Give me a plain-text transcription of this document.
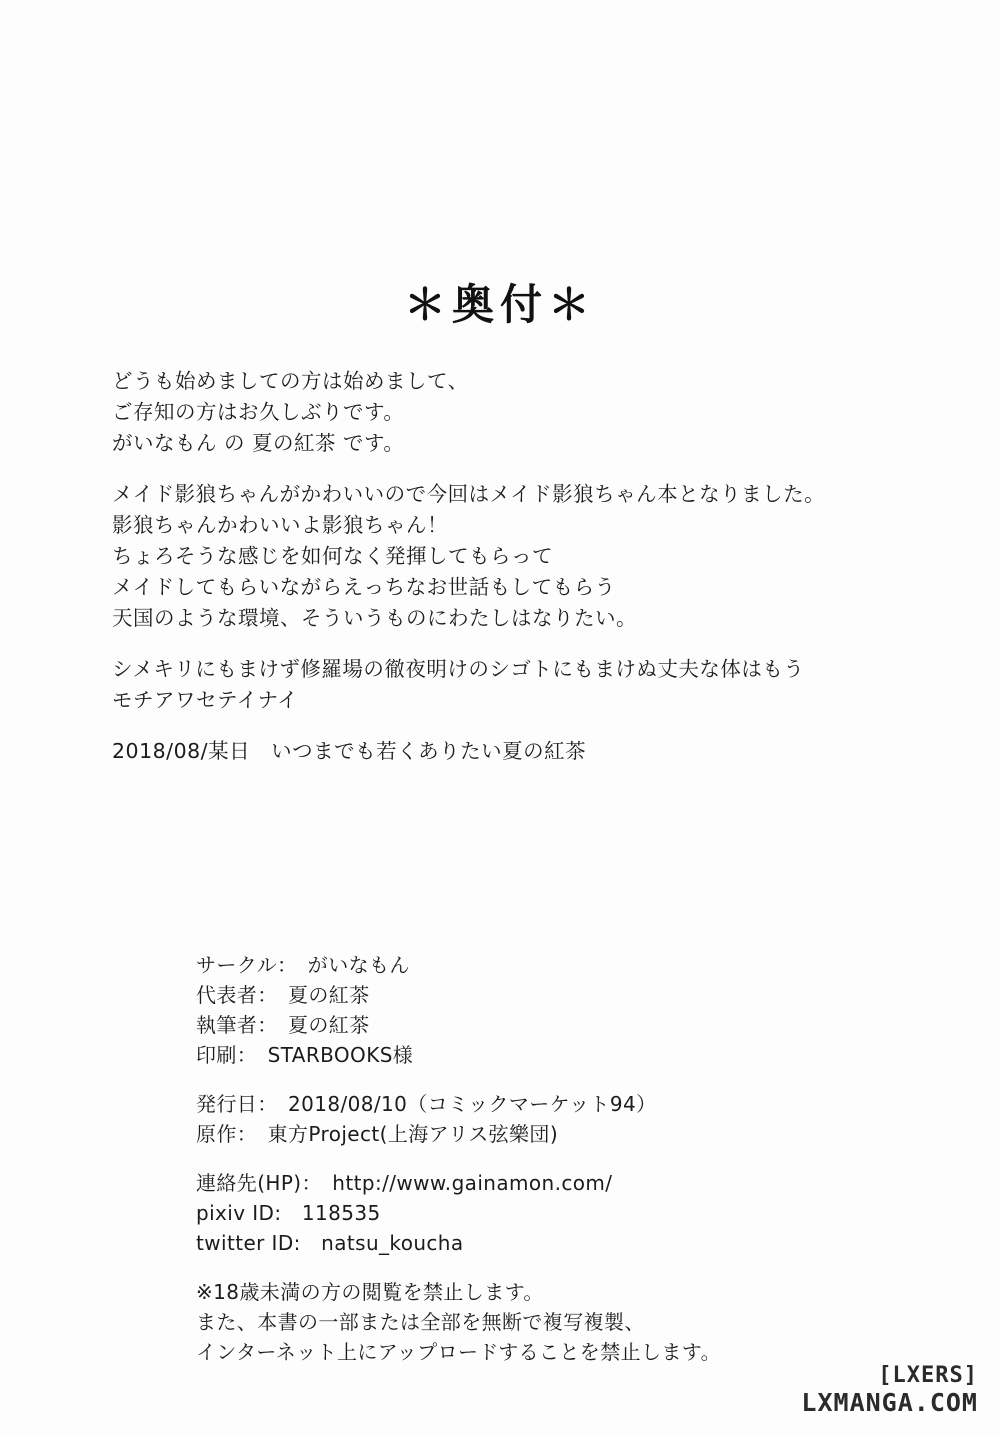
＊奥付＊

どうも始めましての方は始めまして、
ご存知の方はお久しぶりです。
がいなもん の 夏の紅茶 です。

メイド影狼ちゃんがかわいいので今回はメイド影狼ちゃん本となりました。
影狼ちゃんかわいいよ影狼ちゃん！
ちょろそうな感じを如何なく発揮してもらって
メイドしてもらいながらえっちなお世話もしてもらう
天国のような環境、そういうものにわたしはなりたい。

シメキリにもまけず修羅場の徹夜明けのシゴトにもまけぬ丈夫な体はもう
モチアワセテイナイ

2018/08/某日　いつまでも若くありたい夏の紅茶

サークル：　がいなもん
代表者：　夏の紅茶
執筆者：　夏の紅茶
印刷：　STARBOOKS様
発行日：　2018/08/10（コミックマーケット94）
原作：　東方Project(上海アリス弦樂団)
連絡先(HP)：　http://www.gainamon.com/
pixiv ID:　118535
twitter ID:　natsu_koucha
※18歳未満の方の閲覧を禁止します。
また、本書の一部または全部を無断で複写複製、
インターネット上にアップロードすることを禁止します。
[LXERS]
LXMANGA.COM
